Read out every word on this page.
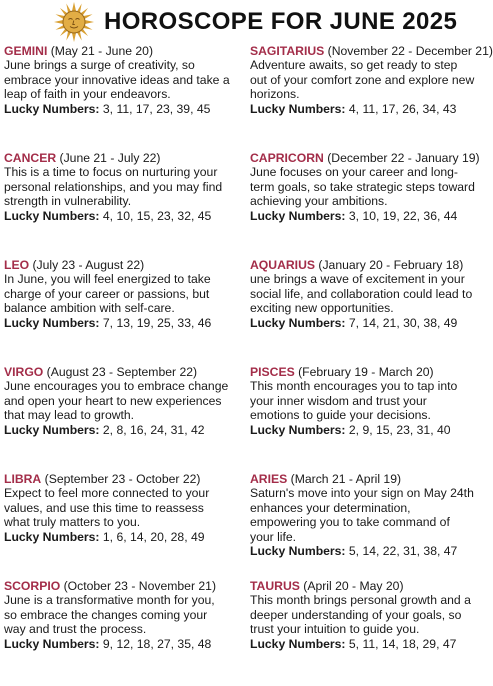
HOROSCOPE FOR JUNE 2025
GEMINI (May 21 - June 20)

June brings a surge of creativity, so embrace your innovative ideas and take a leap of faith in your endeavors.

Lucky Numbers: 3, 11, 17, 23, 39, 45
CANCER (June 21 - July 22)

This is a time to focus on nurturing your personal relationships, and you may find strength in vulnerability.

Lucky Numbers: 4, 10, 15, 23, 32, 45
LEO (July 23 - August 22)

In June, you will feel energized to take charge of your career or passions, but balance ambition with self-care.

Lucky Numbers: 7, 13, 19, 25, 33, 46
VIRGO (August 23 - September 22)

June encourages you to embrace change and open your heart to new experiences that may lead to growth.

Lucky Numbers: 2, 8, 16, 24, 31, 42
LIBRA (September 23 - October 22)

Expect to feel more connected to your values, and use this time to reassess what truly matters to you.

Lucky Numbers: 1, 6, 14, 20, 28, 49
SCORPIO (October 23 - November 21)

June is a transformative month for you, so embrace the changes coming your way and trust the process.

Lucky Numbers: 9, 12, 18, 27, 35, 48
SAGITARIUS (November 22 - December 21)

Adventure awaits, so get ready to step out of your comfort zone and explore new horizons.

Lucky Numbers: 4, 11, 17, 26, 34, 43
CAPRICORN (December 22 - January 19)

June focuses on your career and long-term goals, so take strategic steps toward achieving your ambitions.

Lucky Numbers: 3, 10, 19, 22, 36, 44
AQUARIUS (January 20 - February 18)

une brings a wave of excitement in your social life, and collaboration could lead to exciting new opportunities.

Lucky Numbers: 7, 14, 21, 30, 38, 49
PISCES (February 19 - March 20)

This month encourages you to tap into your inner wisdom and trust your emotions to guide your decisions.

Lucky Numbers: 2, 9, 15, 23, 31, 40
ARIES (March 21 - April 19)

Saturn's move into your sign on May 24th enhances your determination, empowering you to take command of your life.

Lucky Numbers: 5, 14, 22, 31, 38, 47
TAURUS (April 20 - May 20)

This month brings personal growth and a deeper understanding of your goals, so trust your intuition to guide you.

Lucky Numbers: 5, 11, 14, 18, 29, 47
